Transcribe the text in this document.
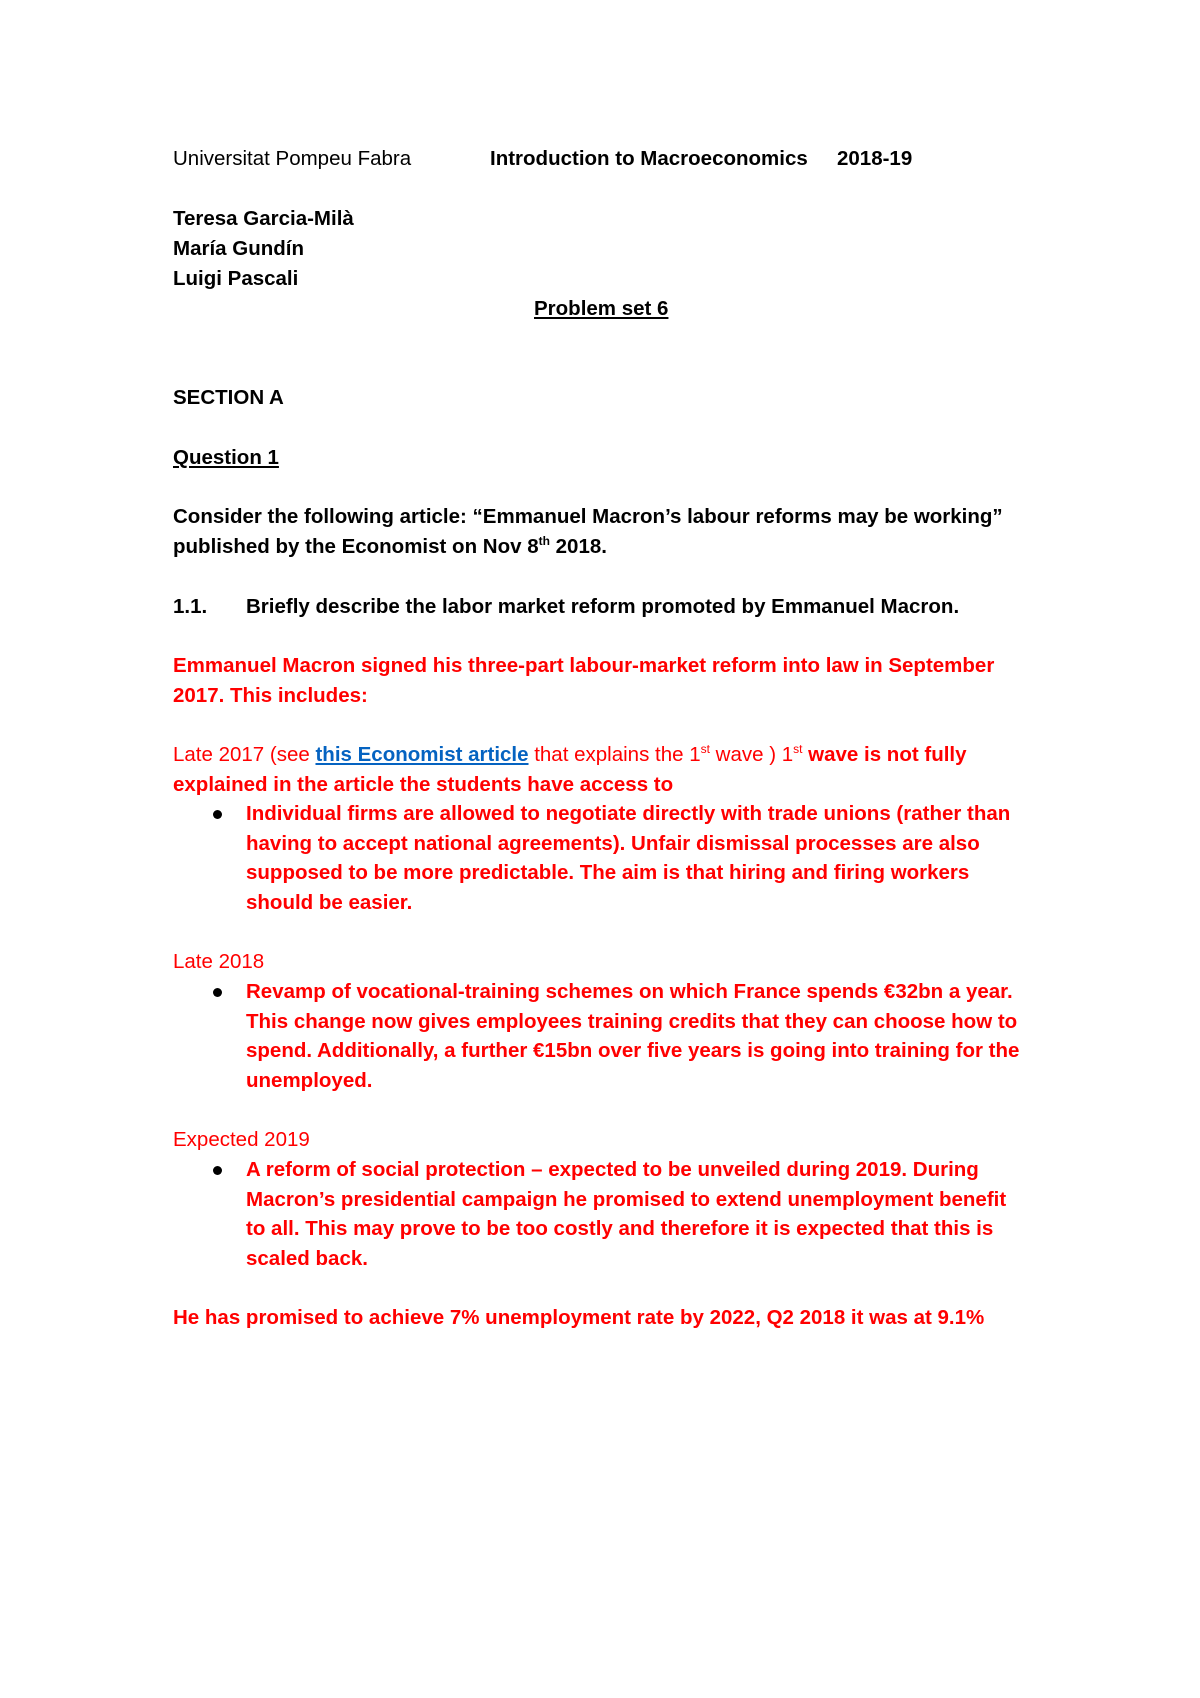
Universitat Pompeu Fabra	Introduction to Macroeconomics 2018-19
Teresa Garcia-Milà
María Gundín
Luigi Pascali
Problem set 6
SECTION A
Question 1
Consider the following article: “Emmanuel Macron’s labour reforms may be working”
published by the Economist on Nov 8th 2018.
1.1. Briefly describe the labor market reform promoted by Emmanuel Macron.
Emmanuel Macron signed his three-part labour-market reform into law in September
2017. This includes:
Late 2017 (see this Economist article that explains the 1st wave ) 1st wave is not fully
explained in the article the students have access to
Individual firms are allowed to negotiate directly with trade unions (rather than
having to accept national agreements). Unfair dismissal processes are also
supposed to be more predictable. The aim is that hiring and firing workers
should be easier.
Late 2018
Revamp of vocational-training schemes on which France spends €32bn a year.
This change now gives employees training credits that they can choose how to
spend. Additionally, a further €15bn over five years is going into training for the
unemployed.
Expected 2019
A reform of social protection – expected to be unveiled during 2019. During
Macron’s presidential campaign he promised to extend unemployment benefit
to all. This may prove to be too costly and therefore it is expected that this is
scaled back.
He has promised to achieve 7% unemployment rate by 2022, Q2 2018 it was at 9.1%
